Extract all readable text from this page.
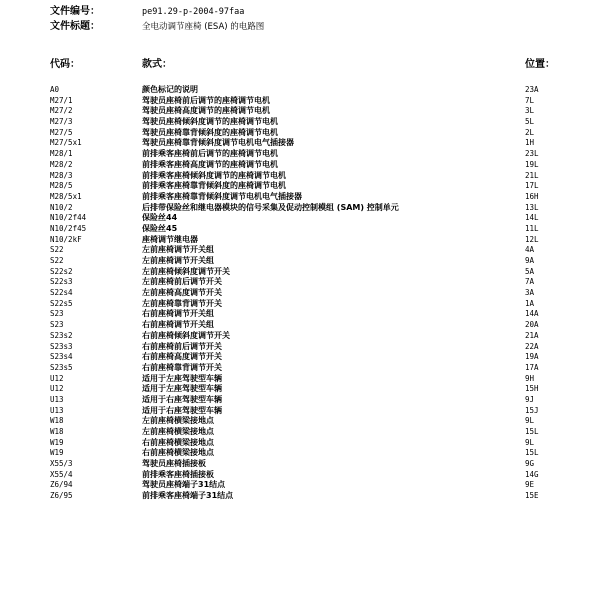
文件编号：	pe91.29-p-2004-97faa
文件标题：	全电动调节座椅 (ESA) 的电路图
代码：	款式：	位置：
A0	颜色标记的说明	23A
M27/1	驾驶员座椅前后调节的座椅调节电机	7L
M27/2	驾驶员座椅高度调节的座椅调节电机	3L
M27/3	驾驶员座椅倾斜度调节的座椅调节电机	5L
M27/5	驾驶员座椅靠背倾斜度的座椅调节电机	2L
M27/5x1	驾驶员座椅靠背倾斜度调节电机电气插接器	1H
M28/1	前排乘客座椅前后调节的座椅调节电机	23L
M28/2	前排乘客座椅高度调节的座椅调节电机	19L
M28/3	前排乘客座椅倾斜度调节的座椅调节电机	21L
M28/5	前排乘客座椅靠背倾斜度的座椅调节电机	17L
M28/5x1	前排乘客座椅靠背倾斜度调节电机电气插接器	16H
N10/2	后排带保险丝和继电器模块的信号采集及促动控制模组 (SAM) 控制单元	13L
N10/2f44	保险丝44	14L
N10/2f45	保险丝45	11L
N10/2kF	座椅调节继电器	12L
S22	左前座椅调节开关组	4A
S22	左前座椅调节开关组	9A
S22s2	左前座椅倾斜度调节开关	5A
S22s3	左前座椅前后调节开关	7A
S22s4	左前座椅高度调节开关	3A
S22s5	左前座椅靠背调节开关	1A
S23	右前座椅调节开关组	14A
S23	右前座椅调节开关组	20A
S23s2	右前座椅倾斜度调节开关	21A
S23s3	右前座椅前后调节开关	22A
S23s4	右前座椅高度调节开关	19A
S23s5	右前座椅靠背调节开关	17A
U12	适用于左座驾驶型车辆	9H
U12	适用于左座驾驶型车辆	15H
U13	适用于右座驾驶型车辆	9J
U13	适用于右座驾驶型车辆	15J
W18	左前座椅横梁接地点	9L
W18	左前座椅横梁接地点	15L
W19	右前座椅横梁接地点	9L
W19	右前座椅横梁接地点	15L
X55/3	驾驶员座椅插接板	9G
X55/4	前排乘客座椅插接板	14G
Z6/94	驾驶员座椅端子31结点	9E
Z6/95	前排乘客座椅端子31结点	15E
